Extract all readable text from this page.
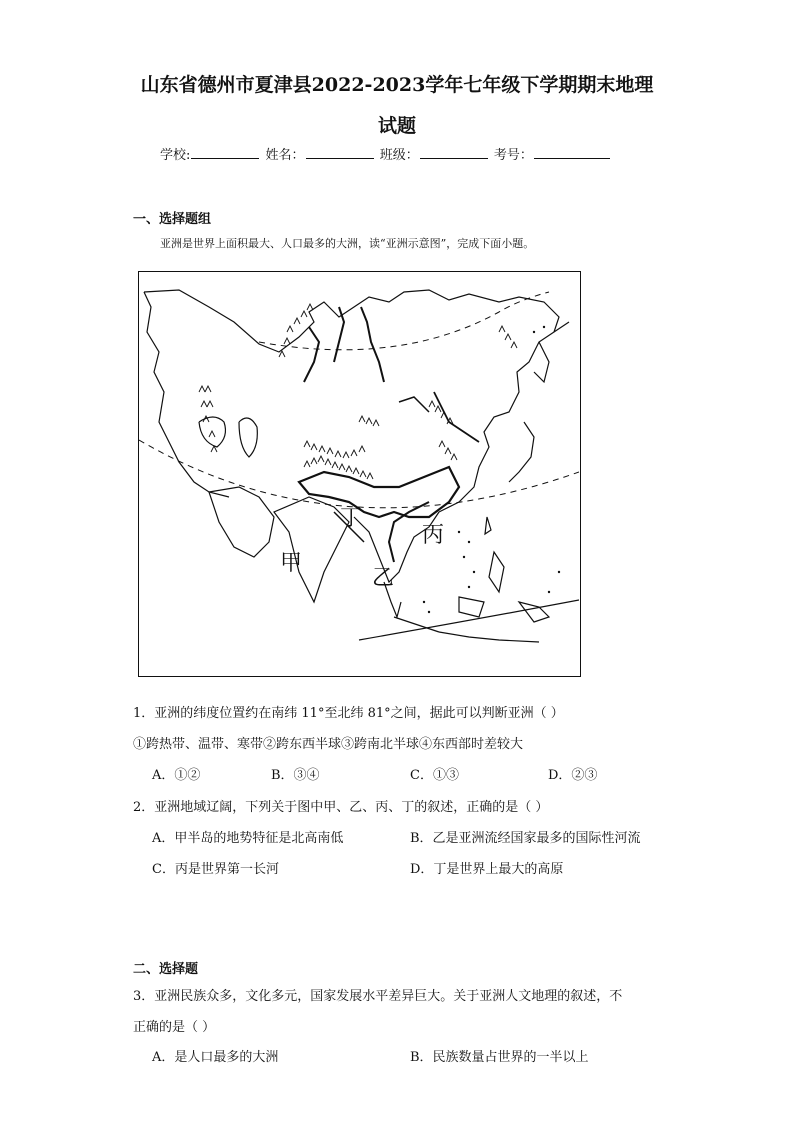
山东省德州市夏津县2022-2023学年七年级下学期期末地理
试题
学校:	姓名：	班级：	考号：
一、选择题组
亚洲是世界上面积最大、人口最多的大洲，读“亚洲示意图”，完成下面小题。
甲
乙
丙
丁
1．亚洲的纬度位置约在南纬 11°至北纬 81°之间，据此可以判断亚洲（ ）
①跨热带、温带、寒带②跨东西半球③跨南北半球④东西部时差较大
A．①②	B．③④	C．①③	D．②③
2．亚洲地域辽阔，下列关于图中甲、乙、丙、丁的叙述，正确的是（ ）
A．甲半岛的地势特征是北高南低	B．乙是亚洲流经国家最多的国际性河流
C．丙是世界第一长河	D．丁是世界上最大的高原
二、选择题
3．亚洲民族众多，文化多元，国家发展水平差异巨大。关于亚洲人文地理的叙述，不
正确的是（ ）
A．是人口最多的大洲	B．民族数量占世界的一半以上
